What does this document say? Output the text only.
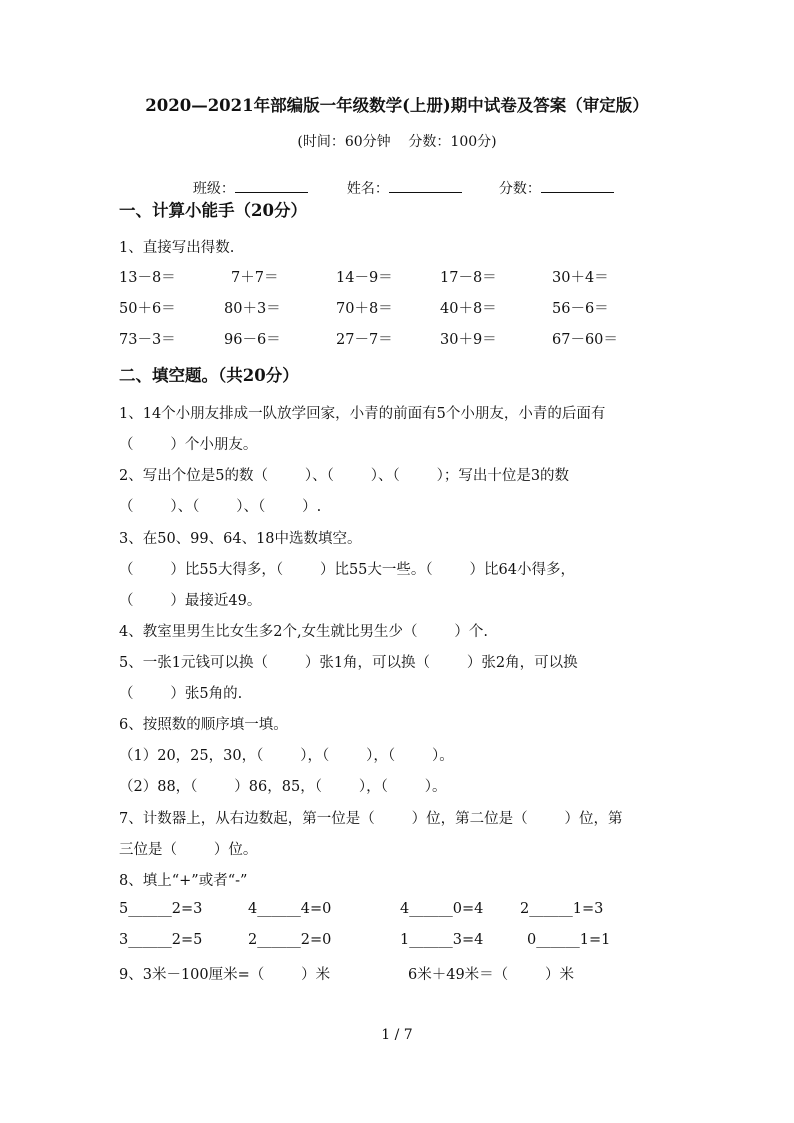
2020—2021年部编版一年级数学(上册)期中试卷及答案（审定版）
(时间：60分钟    分数：100分)

班级：	姓名：	分数：

一、计算小能手（20分）
1、直接写出得数.
13－8＝	7＋7＝	14－9＝	17－8＝	30＋4＝
50＋6＝	80＋3＝	70＋8＝	40＋8＝	56－6＝
73－3＝	96－6＝	27－7＝	30＋9＝	67－60＝
二、填空题。（共20分）
1、14个小朋友排成一队放学回家，小青的前面有5个小朋友，小青的后面有
（        ）个小朋友。
2、写出个位是5的数（        ）、（        ）、（        ）；写出十位是3的数
（        ）、（        ）、（        ）.
3、在50、99、64、18中选数填空。
（        ）比55大得多，（        ）比55大一些。（        ）比64小得多，
（        ）最接近49。
4、教室里男生比女生多2个,女生就比男生少（        ）个.
5、一张1元钱可以换（        ）张1角，可以换（        ）张2角，可以换
（        ）张5角的.
6、按照数的顺序填一填。
（1）20，25，30，（        ），（        ），（        ）。
（2）88，（        ）86，85，（        ），（        ）。
7、计数器上，从右边数起，第一位是（        ）位，第二位是（        ）位，第
三位是（        ）位。
8、填上“+”或者“-”
5______2=3	4______4=0	4______0=4	2______1=3
3______2=5	2______2=0	1______3=4	0______1=1
9、3米－100厘米=（        ）米	6米＋49米＝（        ）米
1 / 7
